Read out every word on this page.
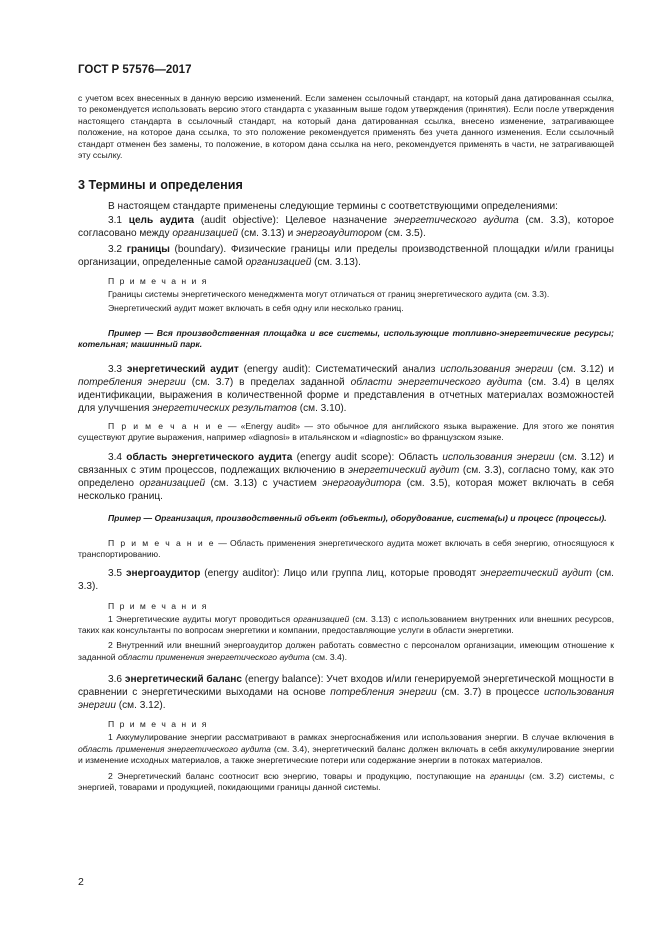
ГОСТ Р 57576—2017

с учетом всех внесенных в данную версию изменений. Если заменен ссылочный стандарт, на который дана датированная ссылка, то рекомендуется использовать версию этого стандарта с указанным выше годом утверждения (принятия). Если после утверждения настоящего стандарта в ссылочный стандарт, на который дана датированная ссылка, внесено изменение, затрагивающее положение, на которое дана ссылка, то это положение рекомендуется применять без учета данного изменения. Если ссылочный стандарт отменен без замены, то положение, в котором дана ссылка на него, рекомендуется применять в части, не затрагивающей эту ссылку.

3 Термины и определения

В настоящем стандарте применены следующие термины с соответствующими определениями:

3.1 цель аудита (audit objective): Целевое назначение энергетического аудита (см. 3.3), которое согласовано между организацией (см. 3.13) и энергоаудитором (см. 3.5).

3.2 границы (boundary). Физические границы или пределы производственной площадки и/или границы организации, определенные самой организацией (см. 3.13).

П р и м е ч а н и я

Границы системы энергетического менеджмента могут отличаться от границ энергетического аудита (см. 3.3).

Энергетический аудит может включать в себя одну или несколько границ.

Пример — Вся производственная площадка и все системы, использующие топливно-энергетические ресурсы; котельная; машинный парк.

3.3 энергетический аудит (energy audit): Систематический анализ использования энергии (см. 3.12) и потребления энергии (см. 3.7) в пределах заданной области энергетического аудита (см. 3.4) в целях идентификации, выражения в количественной форме и представления в отчетных материалах возможностей для улучшения энергетических результатов (см. 3.10).

П р и м е ч а н и е — «Energy audit» — это обычное для английского языка выражение. Для этого же понятия существуют другие выражения, например «diagnosi» в итальянском и «diagnostic» во французском языке.

3.4 область энергетического аудита (energy audit scope): Область использования энергии (см. 3.12) и связанных с этим процессов, подлежащих включению в энергетический аудит (см. 3.3), согласно тому, как это определено организацией (см. 3.13) с участием энергоаудитора (см. 3.5), которая может включать в себя несколько границ.

Пример — Организация, производственный объект (объекты), оборудование, система(ы) и процесс (процессы).

П р и м е ч а н и е — Область применения энергетического аудита может включать в себя энергию, относящуюся к транспортированию.

3.5 энергоаудитор (energy auditor): Лицо или группа лиц, которые проводят энергетический аудит (см. 3.3).

П р и м е ч а н и я

1 Энергетические аудиты могут проводиться организацией (см. 3.13) с использованием внутренних или внешних ресурсов, таких как консультанты по вопросам энергетики и компании, предоставляющие услуги в области энергетики.

2 Внутренний или внешний энергоаудитор должен работать совместно с персоналом организации, имеющим отношение к заданной области применения энергетического аудита (см. 3.4).

3.6 энергетический баланс (energy balance): Учет входов и/или генерируемой энергетической мощности в сравнении с энергетическими выходами на основе потребления энергии (см. 3.7) в процессе использования энергии (см. 3.12).

П р и м е ч а н и я

1 Аккумулирование энергии рассматривают в рамках энергоснабжения или использования энергии. В случае включения в область применения энергетического аудита (см. 3.4), энергетический баланс должен включать в себя аккумулирование энергии и изменение исходных материалов, а также энергетические потери или содержание энергии в потоках материалов.

2 Энергетический баланс соотносит всю энергию, товары и продукцию, поступающие на границы (см. 3.2) системы, с энергией, товарами и продукцией, покидающими границы данной системы.

2
